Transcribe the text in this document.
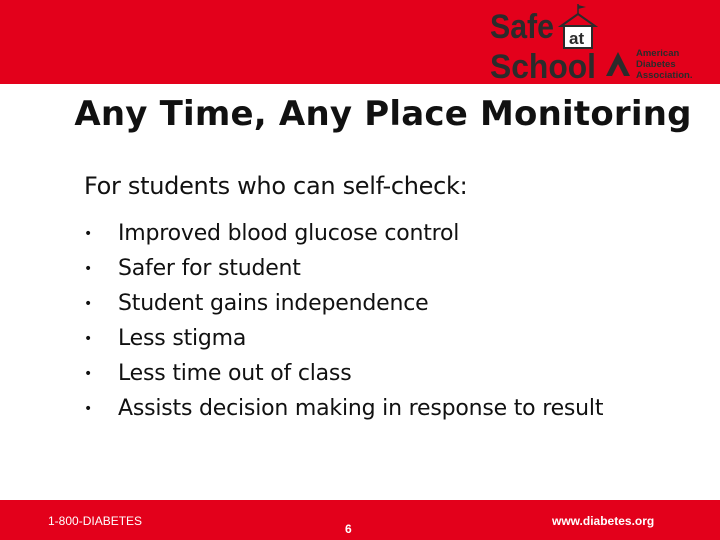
Safe at
School	American
Diabetes
Association.
Any Time, Any Place Monitoring
For students who can self-check:
•	Improved blood glucose control
•	Safer for student
•	Student gains independence
•	Less stigma
•	Less time out of class
•	Assists decision making in response to result
1-800-DIABETES
6
www.diabetes.org
